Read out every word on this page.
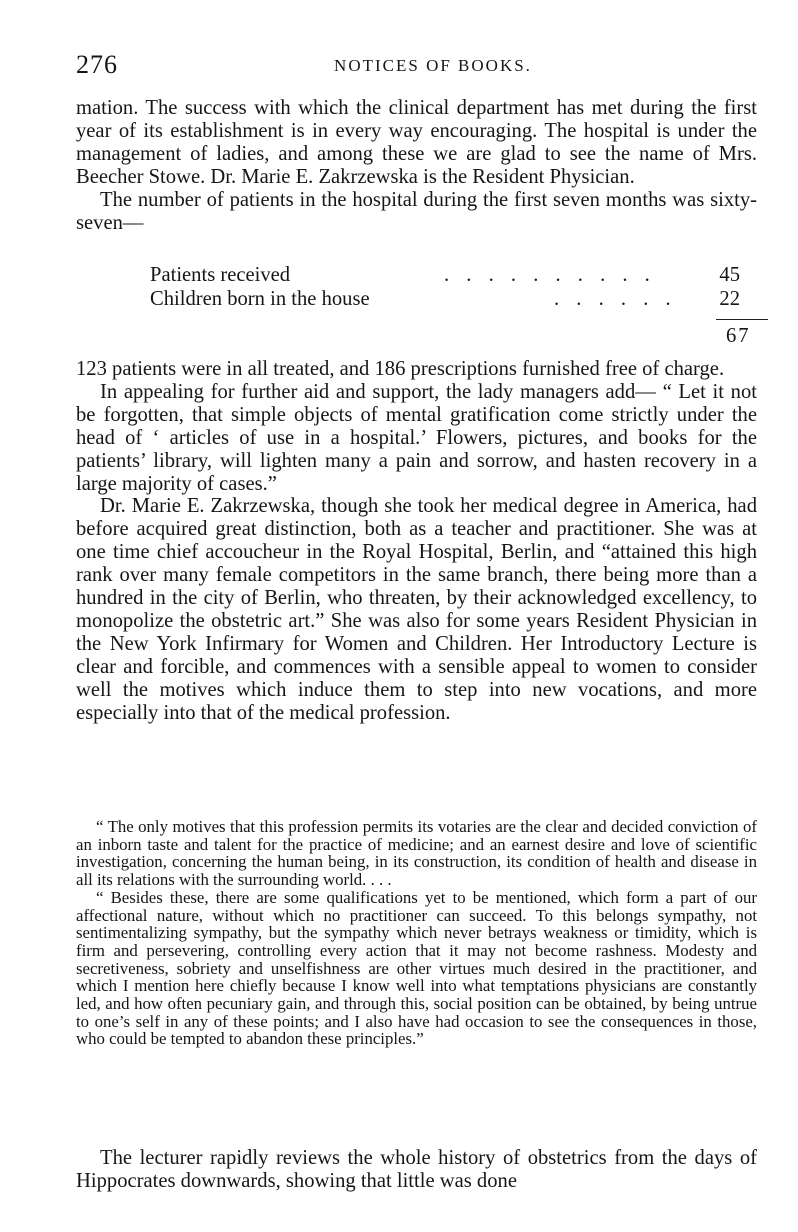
276	NOTICES OF BOOKS.

mation. The success with which the clinical department has met during the first year of its establishment is in every way encouraging. The hospital is under the management of ladies, and among these we are glad to see the name of Mrs. Beecher Stowe. Dr. Marie E. Zakrzewska is the Resident Physician.

The number of patients in the hospital during the first seven months was sixty-seven—

Patients received	. . . . . . . . . .	45
Children born in the house	. . . . . . 22
67

123 patients were in all treated, and 186 prescriptions furnished free of charge.

In appealing for further aid and support, the lady managers add— “ Let it not be forgotten, that simple objects of mental gratification come strictly under the head of ‘ articles of use in a hospital.’ Flowers, pictures, and books for the patients’ library, will lighten many a pain and sorrow, and hasten recovery in a large majority of cases.”

Dr. Marie E. Zakrzewska, though she took her medical degree in America, had before acquired great distinction, both as a teacher and practitioner. She was at one time chief accoucheur in the Royal Hospital, Berlin, and “attained this high rank over many female competitors in the same branch, there being more than a hundred in the city of Berlin, who threaten, by their acknowledged excellency, to monopolize the obstetric art.” She was also for some years Resident Physician in the New York Infirmary for Women and Children. Her Introductory Lecture is clear and forcible, and commences with a sensible appeal to women to consider well the motives which induce them to step into new vocations, and more especially into that of the medical profession.

“ The only motives that this profession permits its votaries are the clear and decided conviction of an inborn taste and talent for the practice of medicine; and an earnest desire and love of scientific investigation, concerning the human being, in its construction, its condition of health and disease in all its relations with the surrounding world. . . .

“ Besides these, there are some qualifications yet to be mentioned, which form a part of our affectional nature, without which no practitioner can succeed. To this belongs sympathy, not sentimentalizing sympathy, but the sympathy which never betrays weakness or timidity, which is firm and persevering, controlling every action that it may not become rashness. Modesty and secretiveness, sobriety and unselfishness are other virtues much desired in the practitioner, and which I mention here chiefly because I know well into what temptations physicians are constantly led, and how often pecuniary gain, and through this, social position can be obtained, by being untrue to one’s self in any of these points; and I also have had occasion to see the consequences in those, who could be tempted to abandon these principles.”

The lecturer rapidly reviews the whole history of obstetrics from the days of Hippocrates downwards, showing that little was done
